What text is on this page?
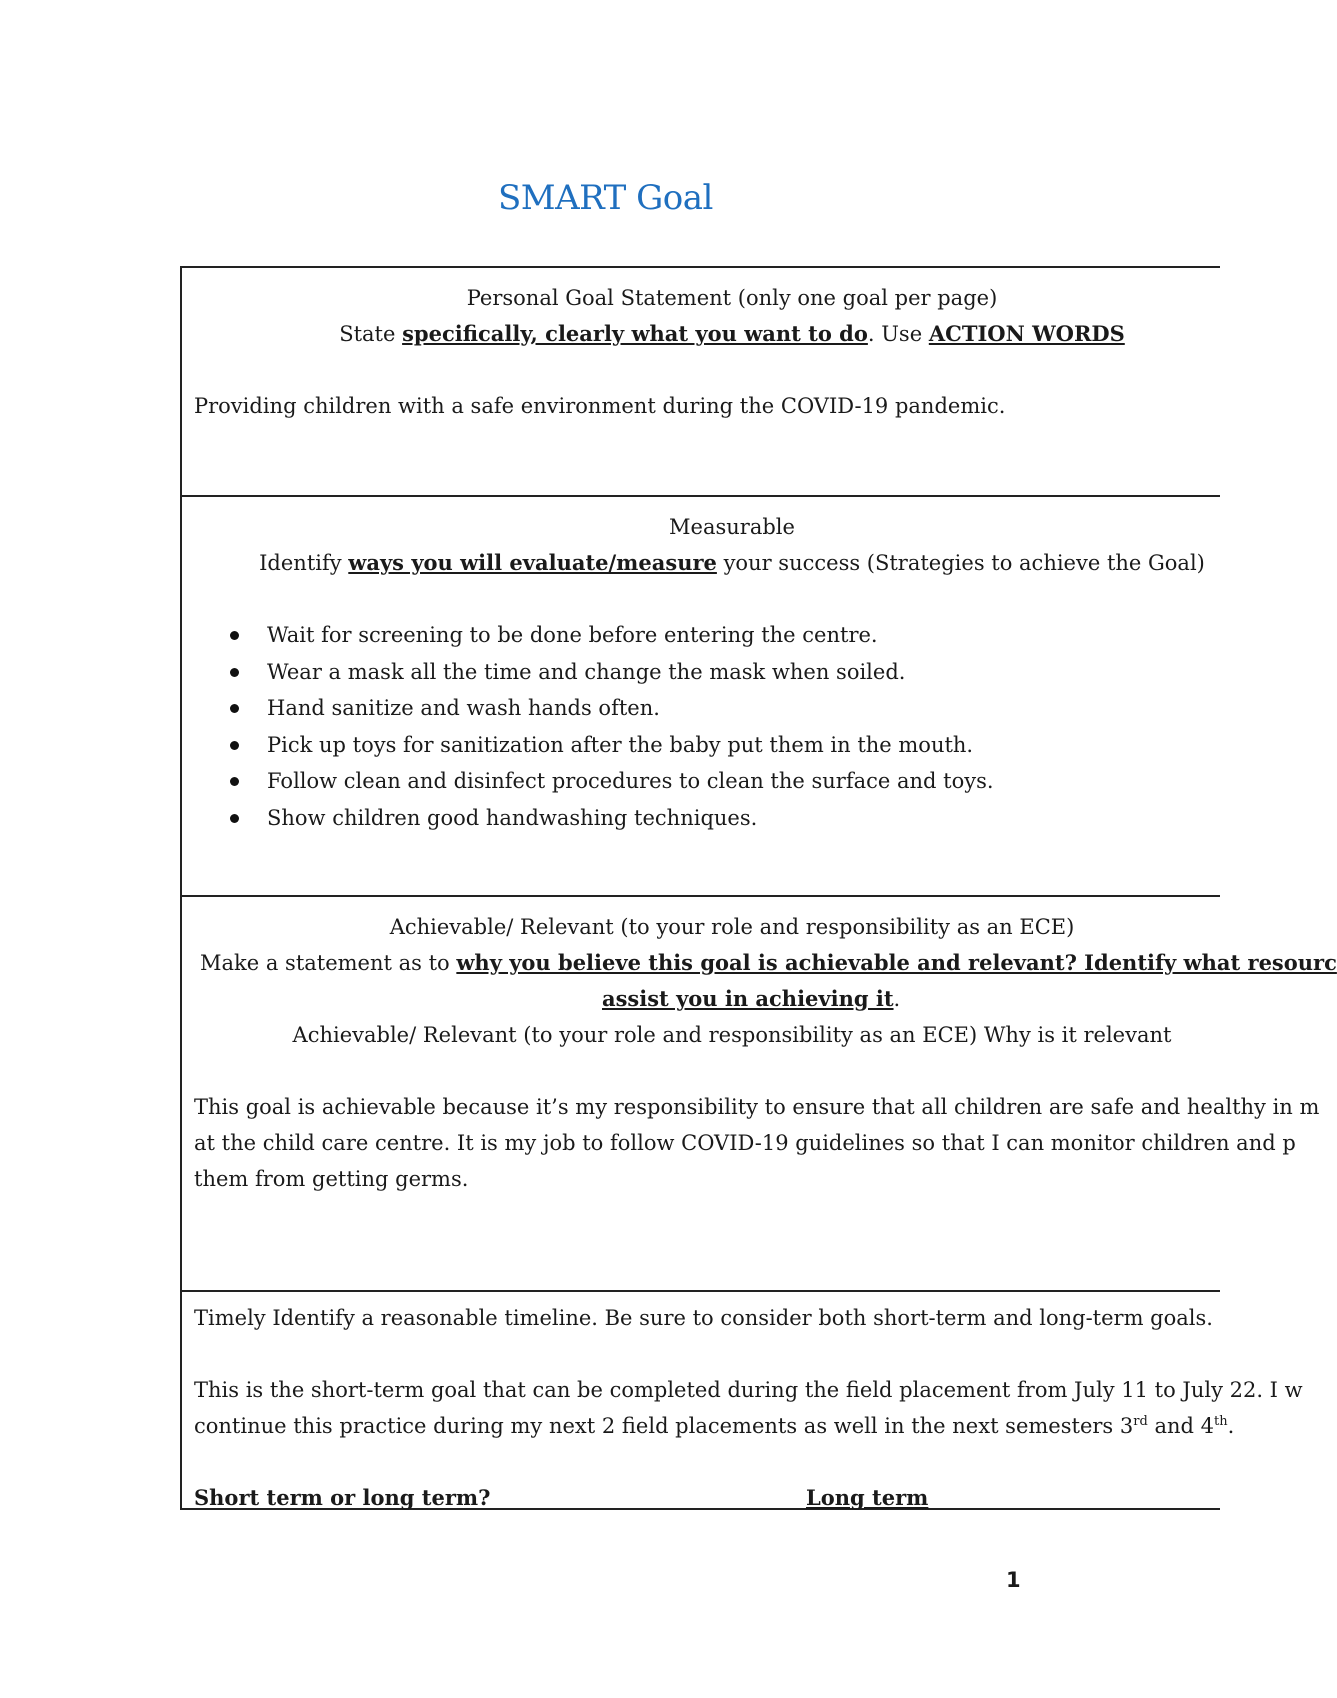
SMART Goal
Personal Goal Statement (only one goal per page)
State specifically, clearly what you want to do. Use ACTION WORDS
Providing children with a safe environment during the COVID-19 pandemic.
Measurable
Identify ways you will evaluate/measure your success (Strategies to achieve the Goal)
Wait for screening to be done before entering the centre.
Wear a mask all the time and change the mask when soiled.
Hand sanitize and wash hands often.
Pick up toys for sanitization after the baby put them in the mouth.
Follow clean and disinfect procedures to clean the surface and toys.
Show children good handwashing techniques.
Achievable/ Relevant (to your role and responsibility as an ECE)
Make a statement as to why you believe this goal is achievable and relevant? Identify what resourc
assist you in achieving it.
Achievable/ Relevant (to your role and responsibility as an ECE) Why is it relevant
This goal is achievable because it’s my responsibility to ensure that all children are safe and healthy in m
at the child care centre. It is my job to follow COVID-19 guidelines so that I can monitor children and p
them from getting germs.
Timely Identify a reasonable timeline. Be sure to consider both short-term and long-term goals.
This is the short-term goal that can be completed during the field placement from July 11 to July 22. I w
continue this practice during my next 2 field placements as well in the next semesters 3rd and 4th.
Short term or long term?	Long term
1
